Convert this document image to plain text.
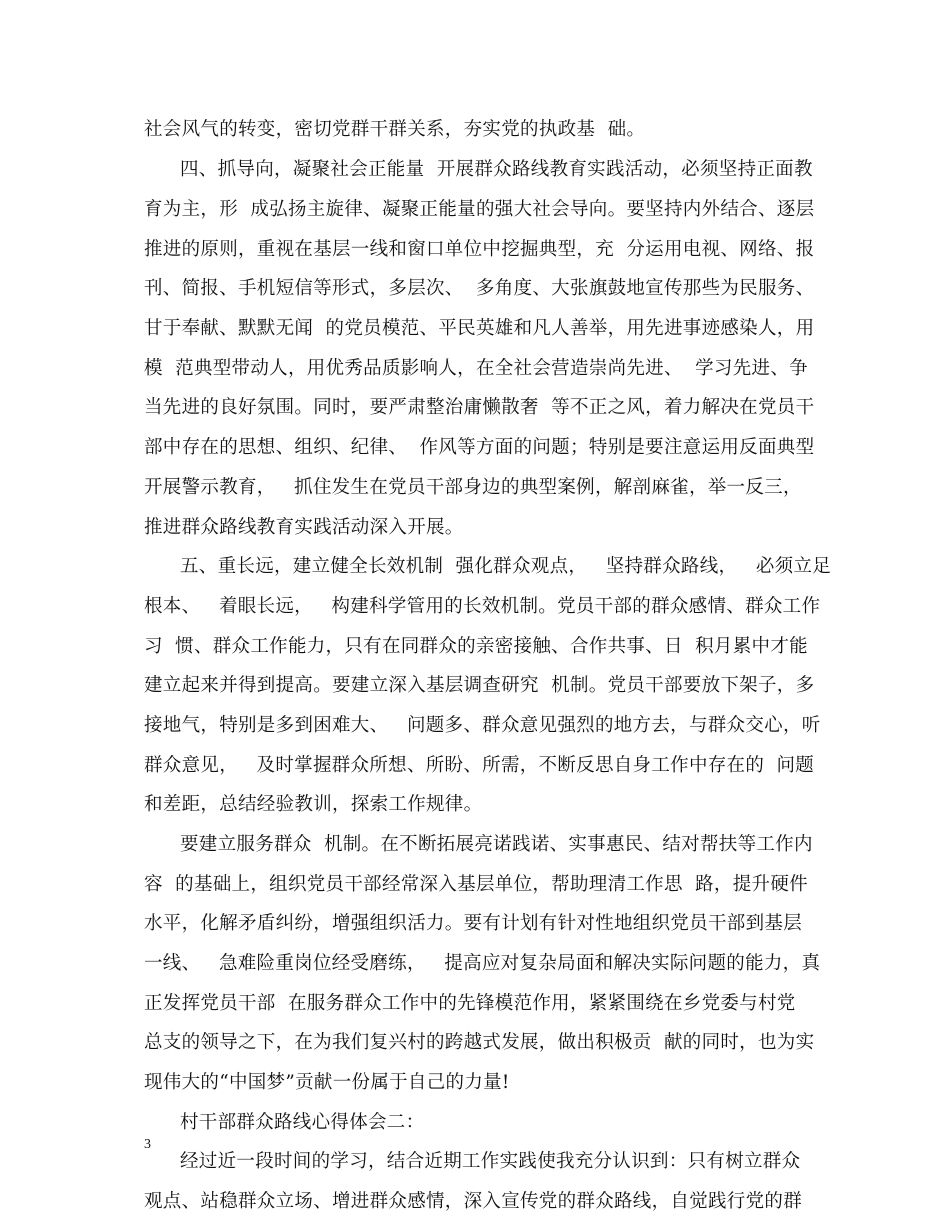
社会风气的转变，密切党群干群关系，夯实党的执政基  础。
四、抓导向，凝聚社会正能量  开展群众路线教育实践活动，必须坚持正面教
育为主，形  成弘扬主旋律、凝聚正能量的强大社会导向。要坚持内外结合、逐层
推进的原则，重视在基层一线和窗口单位中挖掘典型，充  分运用电视、网络、报
刊、简报、手机短信等形式，多层次、  多角度、大张旗鼓地宣传那些为民服务、
甘于奉献、默默无闻  的党员模范、平民英雄和凡人善举，用先进事迹感染人，用
模  范典型带动人，用优秀品质影响人，在全社会营造崇尚先进、  学习先进、争
当先进的良好氛围。同时，要严肃整治庸懒散奢  等不正之风，着力解决在党员干
部中存在的思想、组织、纪律、  作风等方面的问题；特别是要注意运用反面典型
开展警示教育，   抓住发生在党员干部身边的典型案例，解剖麻雀，举一反三，
推进群众路线教育实践活动深入开展。
五、重长远，建立健全长效机制  强化群众观点，   坚持群众路线，   必须立足
根本、   着眼长远，   构建科学管用的长效机制。党员干部的群众感情、群众工作
习  惯、群众工作能力，只有在同群众的亲密接触、合作共事、日  积月累中才能
建立起来并得到提高。要建立深入基层调查研究  机制。党员干部要放下架子，多
接地气，特别是多到困难大、   问题多、群众意见强烈的地方去，与群众交心，听
群众意见，   及时掌握群众所想、所盼、所需，不断反思自身工作中存在的  问题
和差距，总结经验教训，探索工作规律。
要建立服务群众  机制。在不断拓展亮诺践诺、实事惠民、结对帮扶等工作内
容  的基础上，组织党员干部经常深入基层单位，帮助理清工作思  路，提升硬件
水平，化解矛盾纠纷，增强组织活力。要有计划有针对性地组织党员干部到基层
一线、   急难险重岗位经受磨练，   提高应对复杂局面和解决实际问题的能力，真
正发挥党员干部  在服务群众工作中的先锋模范作用，紧紧围绕在乡党委与村党
总支的领导之下，在为我们复兴村的跨越式发展，做出积极贡  献的同时，也为实
现伟大的“中国梦”贡献一份属于自己的力量!
村干部群众路线心得体会二：
经过近一段时间的学习，结合近期工作实践使我充分认识到：只有树立群众
观点、站稳群众立场、增进群众感情，深入宣传党的群众路线，自觉践行党的群
3
